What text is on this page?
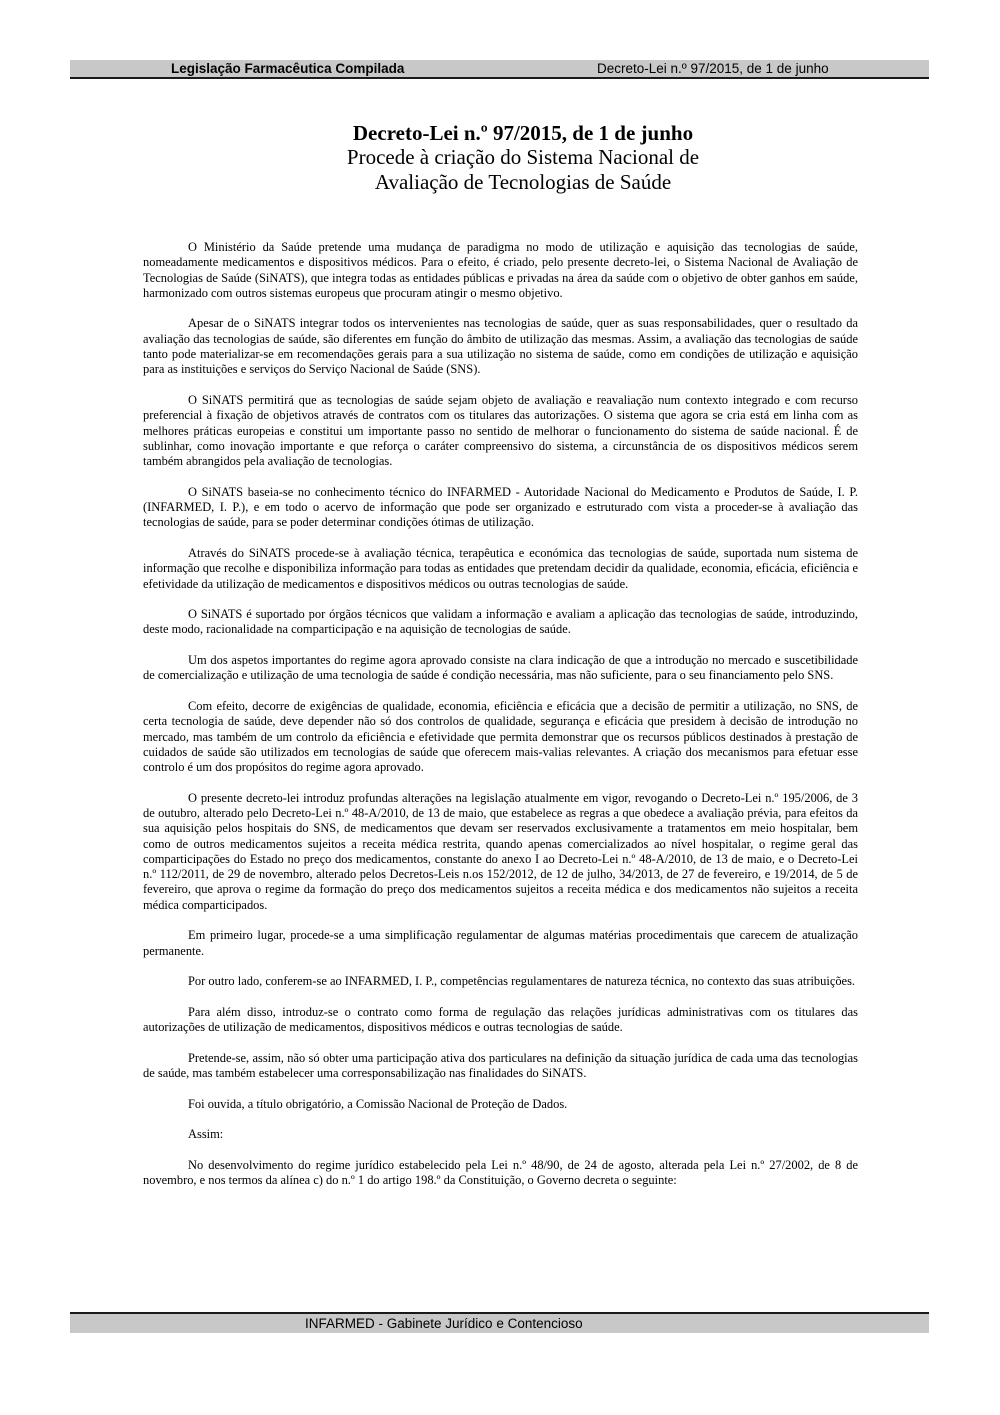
Legislação Farmacêutica Compilada	Decreto-Lei n.º 97/2015, de 1 de junho
Decreto-Lei n.º 97/2015, de 1 de junho
Procede à criação do Sistema Nacional de
Avaliação de Tecnologias de Saúde

O Ministério da Saúde pretende uma mudança de paradigma no modo de utilização e aquisição das tecnologias de saúde, nomeadamente medicamentos e dispositivos médicos. Para o efeito, é criado, pelo presente decreto-lei, o Sistema Nacional de Avaliação de Tecnologias de Saúde (SiNATS), que integra todas as entidades públicas e privadas na área da saúde com o objetivo de obter ganhos em saúde, harmonizado com outros sistemas europeus que procuram atingir o mesmo objetivo.

Apesar de o SiNATS integrar todos os intervenientes nas tecnologias de saúde, quer as suas responsabilidades, quer o resultado da avaliação das tecnologias de saúde, são diferentes em função do âmbito de utilização das mesmas. Assim, a avaliação das tecnologias de saúde tanto pode materializar-se em recomendações gerais para a sua utilização no sistema de saúde, como em condições de utilização e aquisição para as instituições e serviços do Serviço Nacional de Saúde (SNS).

O SiNATS permitirá que as tecnologias de saúde sejam objeto de avaliação e reavaliação num contexto integrado e com recurso preferencial à fixação de objetivos através de contratos com os titulares das autorizações. O sistema que agora se cria está em linha com as melhores práticas europeias e constitui um importante passo no sentido de melhorar o funcionamento do sistema de saúde nacional. É de sublinhar, como inovação importante e que reforça o caráter compreensivo do sistema, a circunstância de os dispositivos médicos serem também abrangidos pela avaliação de tecnologias.

O SiNATS baseia-se no conhecimento técnico do INFARMED - Autoridade Nacional do Medicamento e Produtos de Saúde, I. P. (INFARMED, I. P.), e em todo o acervo de informação que pode ser organizado e estruturado com vista a proceder-se à avaliação das tecnologias de saúde, para se poder determinar condições ótimas de utilização.

Através do SiNATS procede-se à avaliação técnica, terapêutica e económica das tecnologias de saúde, suportada num sistema de informação que recolhe e disponibiliza informação para todas as entidades que pretendam decidir da qualidade, economia, eficácia, eficiência e efetividade da utilização de medicamentos e dispositivos médicos ou outras tecnologias de saúde.

O SiNATS é suportado por órgãos técnicos que validam a informação e avaliam a aplicação das tecnologias de saúde, introduzindo, deste modo, racionalidade na comparticipação e na aquisição de tecnologias de saúde.

Um dos aspetos importantes do regime agora aprovado consiste na clara indicação de que a introdução no mercado e suscetibilidade de comercialização e utilização de uma tecnologia de saúde é condição necessária, mas não suficiente, para o seu financiamento pelo SNS.

Com efeito, decorre de exigências de qualidade, economia, eficiência e eficácia que a decisão de permitir a utilização, no SNS, de certa tecnologia de saúde, deve depender não só dos controlos de qualidade, segurança e eficácia que presidem à decisão de introdução no mercado, mas também de um controlo da eficiência e efetividade que permita demonstrar que os recursos públicos destinados à prestação de cuidados de saúde são utilizados em tecnologias de saúde que oferecem mais-valias relevantes. A criação dos mecanismos para efetuar esse controlo é um dos propósitos do regime agora aprovado.

O presente decreto-lei introduz profundas alterações na legislação atualmente em vigor, revogando o Decreto-Lei n.º 195/2006, de 3 de outubro, alterado pelo Decreto-Lei n.º 48-A/2010, de 13 de maio, que estabelece as regras a que obedece a avaliação prévia, para efeitos da sua aquisição pelos hospitais do SNS, de medicamentos que devam ser reservados exclusivamente a tratamentos em meio hospitalar, bem como de outros medicamentos sujeitos a receita médica restrita, quando apenas comercializados ao nível hospitalar, o regime geral das comparticipações do Estado no preço dos medicamentos, constante do anexo I ao Decreto-Lei n.º 48-A/2010, de 13 de maio, e o Decreto-Lei n.º 112/2011, de 29 de novembro, alterado pelos Decretos-Leis n.os 152/2012, de 12 de julho, 34/2013, de 27 de fevereiro, e 19/2014, de 5 de fevereiro, que aprova o regime da formação do preço dos medicamentos sujeitos a receita médica e dos medicamentos não sujeitos a receita médica comparticipados.

Em primeiro lugar, procede-se a uma simplificação regulamentar de algumas matérias procedimentais que carecem de atualização permanente.

Por outro lado, conferem-se ao INFARMED, I. P., competências regulamentares de natureza técnica, no contexto das suas atribuições.

Para além disso, introduz-se o contrato como forma de regulação das relações jurídicas administrativas com os titulares das autorizações de utilização de medicamentos, dispositivos médicos e outras tecnologias de saúde.

Pretende-se, assim, não só obter uma participação ativa dos particulares na definição da situação jurídica de cada uma das tecnologias de saúde, mas também estabelecer uma corresponsabilização nas finalidades do SiNATS.

Foi ouvida, a título obrigatório, a Comissão Nacional de Proteção de Dados.

Assim:

No desenvolvimento do regime jurídico estabelecido pela Lei n.º 48/90, de 24 de agosto, alterada pela Lei n.º 27/2002, de 8 de novembro, e nos termos da alínea c) do n.º 1 do artigo 198.º da Constituição, o Governo decreta o seguinte:

INFARMED - Gabinete Jurídico e Contencioso
